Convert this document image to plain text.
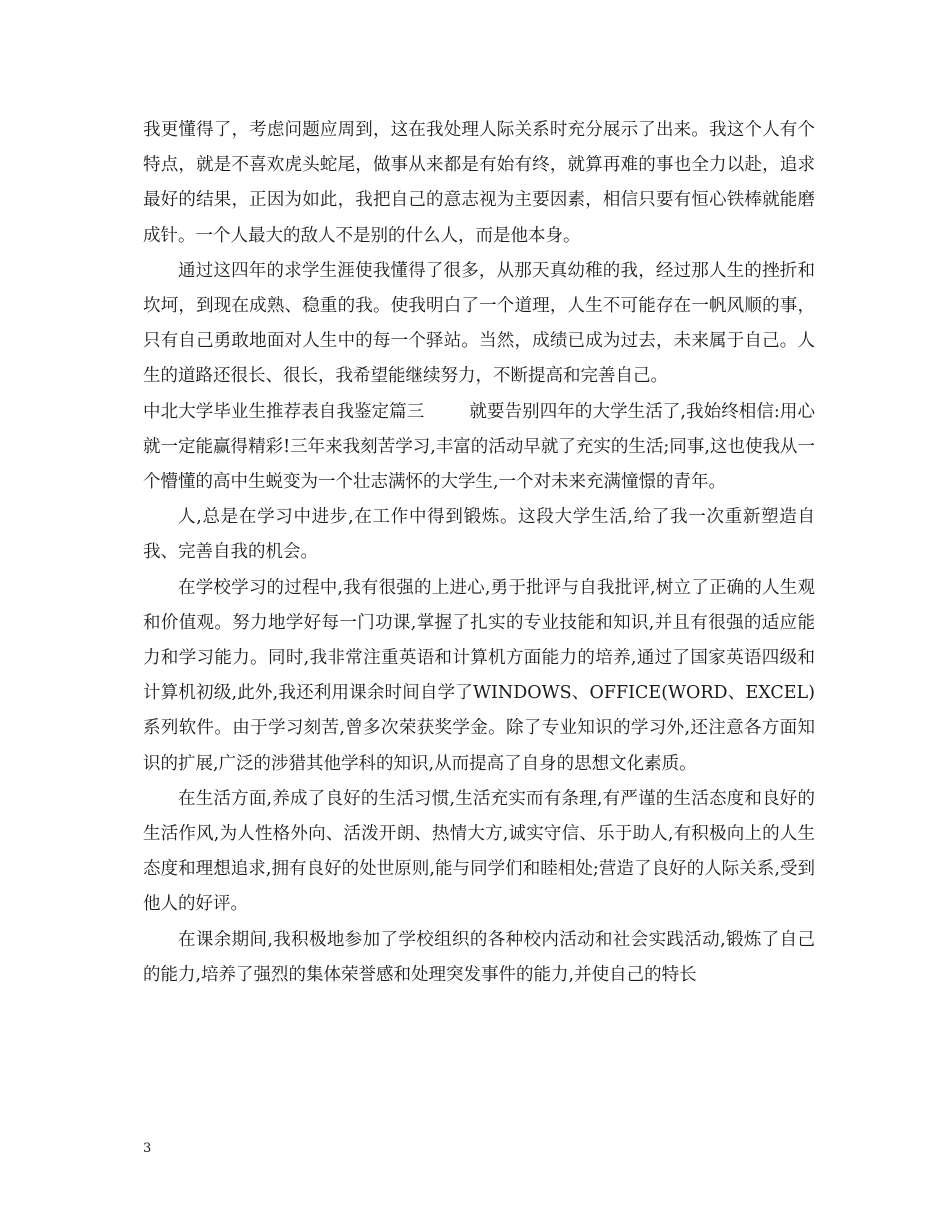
我更懂得了，考虑问题应周到，这在我处理人际关系时充分展示了出来。我这个人有个特点，就是不喜欢虎头蛇尾，做事从来都是有始有终，就算再难的事也全力以赴，追求最好的结果，正因为如此，我把自己的意志视为主要因素，相信只要有恒心铁棒就能磨成针。一个人最大的敌人不是别的什么人，而是他本身。

通过这四年的求学生涯使我懂得了很多，从那天真幼稚的我，经过那人生的挫折和坎坷，到现在成熟、稳重的我。使我明白了一个道理，人生不可能存在一帆风顺的事，只有自己勇敢地面对人生中的每一个驿站。当然，成绩已成为过去，未来属于自己。人生的道路还很长、很长，我希望能继续努力，不断提高和完善自己。

中北大学毕业生推荐表自我鉴定篇三	就要告别四年的大学生活了,我始终相信:用心就一定能赢得精彩!三年来我刻苦学习,丰富的活动早就了充实的生活;同事,这也使我从一个懵懂的高中生蜕变为一个壮志满怀的大学生,一个对未来充满憧憬的青年。

人,总是在学习中进步,在工作中得到锻炼。这段大学生活,给了我一次重新塑造自我、完善自我的机会。

在学校学习的过程中,我有很强的上进心,勇于批评与自我批评,树立了正确的人生观和价值观。努力地学好每一门功课,掌握了扎实的专业技能和知识,并且有很强的适应能力和学习能力。同时,我非常注重英语和计算机方面能力的培养,通过了国家英语四级和计算机初级,此外,我还利用课余时间自学了WINDOWS、OFFICE(WORD、EXCEL)系列软件。由于学习刻苦,曾多次荣获奖学金。除了专业知识的学习外,还注意各方面知识的扩展,广泛的涉猎其他学科的知识,从而提高了自身的思想文化素质。

在生活方面,养成了良好的生活习惯,生活充实而有条理,有严谨的生活态度和良好的生活作风,为人性格外向、活泼开朗、热情大方,诚实守信、乐于助人,有积极向上的人生态度和理想追求,拥有良好的处世原则,能与同学们和睦相处;营造了良好的人际关系,受到他人的好评。

在课余期间,我积极地参加了学校组织的各种校内活动和社会实践活动,锻炼了自己的能力,培养了强烈的集体荣誉感和处理突发事件的能力,并使自己的特长

3
